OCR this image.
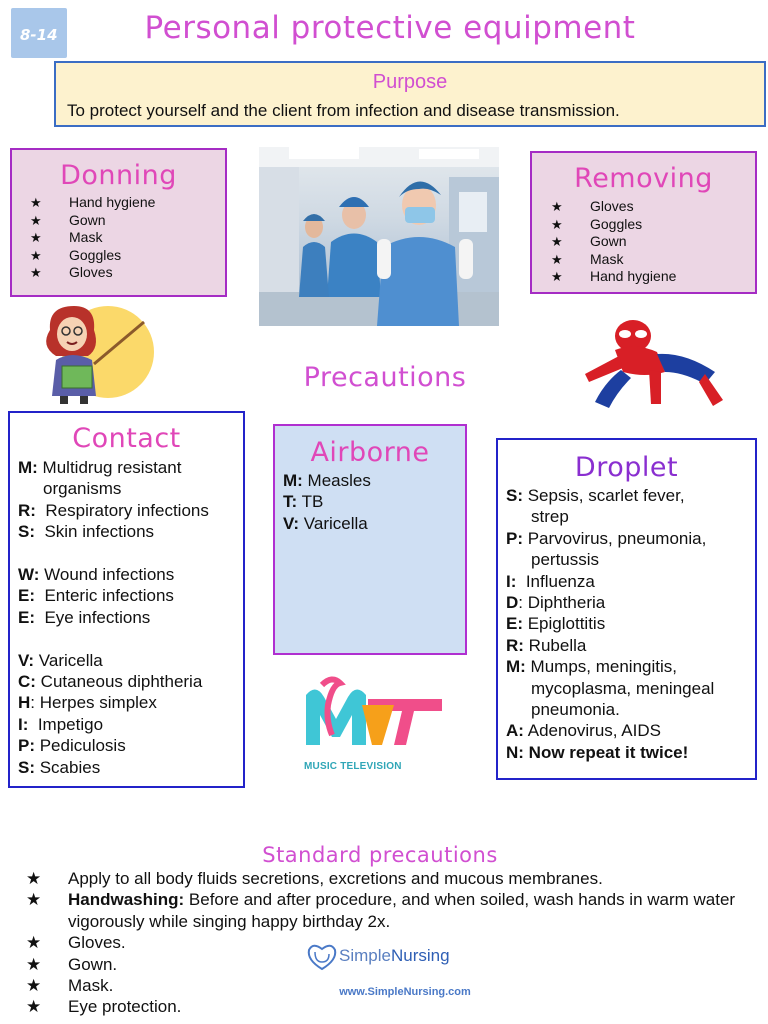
8-14	Personal protective equipment
Purpose
To protect yourself and the client from infection and disease transmission.
Donning
★	Hand hygiene
★	Gown
★	Mask
★	Goggles
★	Gloves
Removing
★	Gloves
★	Goggles
★	Gown
★	Mask
★	Hand hygiene
Precautions
Contact
M: Multidrug resistant
organisms
R:  Respiratory infections
S:  Skin infections
W: Wound infections
E:  Enteric infections
E:  Eye infections
V: Varicella
C: Cutaneous diphtheria
H: Herpes simplex
I:  Impetigo
P: Pediculosis
S: Scabies
Airborne
M: Measles
T: TB
V: Varicella
Droplet
S: Sepsis, scarlet fever,
strep
P: Parvovirus, pneumonia,
pertussis
I:  Influenza
D: Diphtheria
E: Epiglottitis
R: Rubella
M: Mumps, meningitis,
mycoplasma, meningeal
pneumonia.
A: Adenovirus, AIDS
N: Now repeat it twice!
MUSIC TELEVISION
Standard precautions
★	Apply to all body fluids secretions, excretions and mucous membranes.
★	Handwashing: Before and after procedure, and when soiled, wash hands in warm water vigorously while singing happy birthday 2x.
★	Gloves.
★	Gown.
★	Mask.
★	Eye protection.
SimpleNursing
www.SimpleNursing.com
